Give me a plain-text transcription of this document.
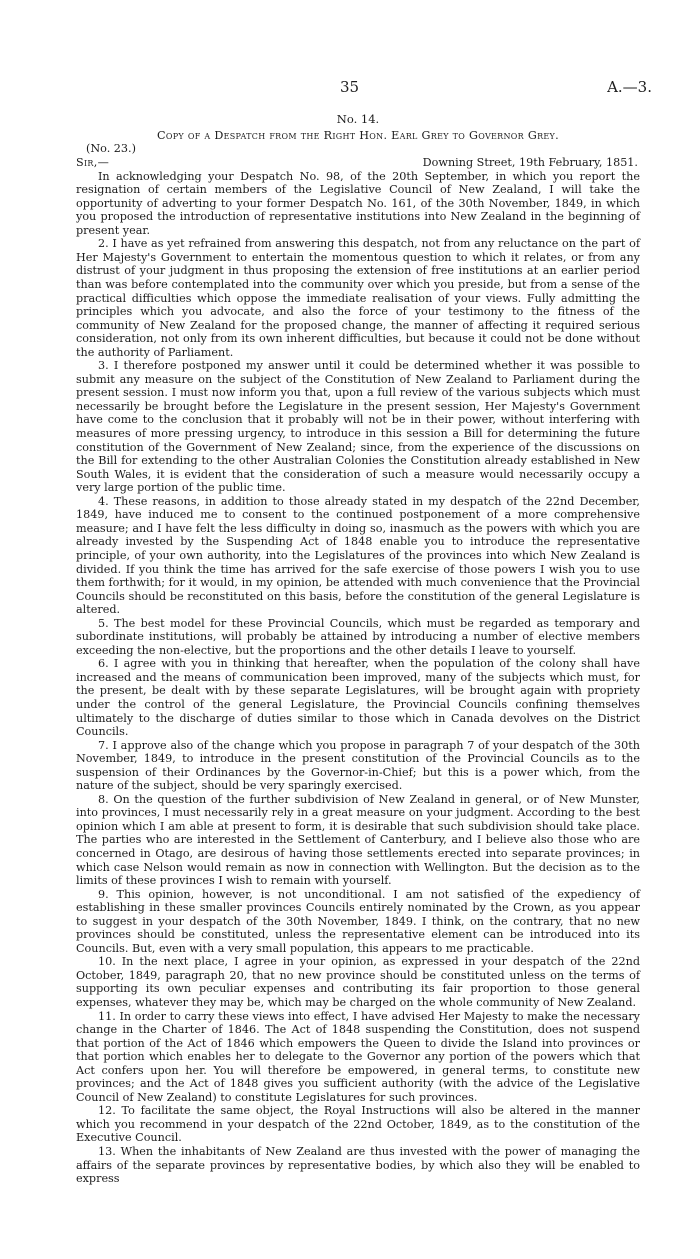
35	A.—3.
No. 14.
Copy of a Despatch from the Right Hon. Earl Grey to Governor Grey.
(No. 23.)
Sir,—	Downing Street, 19th February, 1851.

In acknowledging your Despatch No. 98, of the 20th September, in which you report the resignation of certain members of the Legislative Council of New Zealand, I will take the opportunity of adverting to your former Despatch No. 161, of the 30th November, 1849, in which you proposed the introduction of representative institutions into New Zealand in the beginning of present year.

2. I have as yet refrained from answering this despatch, not from any reluctance on the part of Her Majesty's Government to entertain the momentous question to which it relates, or from any distrust of your judgment in thus proposing the extension of free institutions at an earlier period than was before contemplated into the community over which you preside, but from a sense of the practical difficulties which oppose the immediate realisation of your views. Fully admitting the principles which you advocate, and also the force of your testimony to the fitness of the community of New Zealand for the proposed change, the manner of affecting it required serious consideration, not only from its own inherent difficulties, but because it could not be done without the authority of Parliament.

3. I therefore postponed my answer until it could be determined whether it was possible to submit any measure on the subject of the Constitution of New Zealand to Parliament during the present session. I must now inform you that, upon a full review of the various subjects which must necessarily be brought before the Legislature in the present session, Her Majesty's Government have come to the conclusion that it probably will not be in their power, without interfering with measures of more pressing urgency, to introduce in this session a Bill for determining the future constitution of the Government of New Zealand; since, from the experience of the discussions on the Bill for extending to the other Australian Colonies the Constitution already established in New South Wales, it is evident that the consideration of such a measure would necessarily occupy a very large portion of the public time.

4. These reasons, in addition to those already stated in my despatch of the 22nd December, 1849, have induced me to consent to the continued postponement of a more comprehensive measure; and I have felt the less difficulty in doing so, inasmuch as the powers with which you are already invested by the Suspending Act of 1848 enable you to introduce the representative principle, of your own authority, into the Legislatures of the provinces into which New Zealand is divided. If you think the time has arrived for the safe exercise of those powers I wish you to use them forthwith; for it would, in my opinion, be attended with much convenience that the Provincial Councils should be reconstituted on this basis, before the constitution of the general Legislature is altered.

5. The best model for these Provincial Councils, which must be regarded as temporary and subordinate institutions, will probably be attained by introducing a number of elective members exceeding the non-elective, but the proportions and the other details I leave to yourself.

6. I agree with you in thinking that hereafter, when the population of the colony shall have increased and the means of communication been improved, many of the subjects which must, for the present, be dealt with by these separate Legislatures, will be brought again with propriety under the control of the general Legislature, the Provincial Councils confining themselves ultimately to the discharge of duties similar to those which in Canada devolves on the District Councils.

7. I approve also of the change which you propose in paragraph 7 of your despatch of the 30th November, 1849, to introduce in the present constitution of the Provincial Councils as to the suspension of their Ordinances by the Governor-in-Chief; but this is a power which, from the nature of the subject, should be very sparingly exercised.

8. On the question of the further subdivision of New Zealand in general, or of New Munster, into provinces, I must necessarily rely in a great measure on your judgment. According to the best opinion which I am able at present to form, it is desirable that such subdivision should take place. The parties who are interested in the Settlement of Canterbury, and I believe also those who are concerned in Otago, are desirous of having those settlements erected into separate provinces; in which case Nelson would remain as now in connection with Wellington. But the decision as to the limits of these provinces I wish to remain with yourself.

9. This opinion, however, is not unconditional. I am not satisfied of the expediency of establishing in these smaller provinces Councils entirely nominated by the Crown, as you appear to suggest in your despatch of the 30th November, 1849. I think, on the contrary, that no new provinces should be constituted, unless the representative element can be introduced into its Councils. But, even with a very small population, this appears to me practicable.

10. In the next place, I agree in your opinion, as expressed in your despatch of the 22nd October, 1849, paragraph 20, that no new province should be constituted unless on the terms of supporting its own peculiar expenses and contributing its fair proportion to those general expenses, whatever they may be, which may be charged on the whole community of New Zealand.

11. In order to carry these views into effect, I have advised Her Majesty to make the necessary change in the Charter of 1846. The Act of 1848 suspending the Constitution, does not suspend that portion of the Act of 1846 which empowers the Queen to divide the Island into provinces or that portion which enables her to delegate to the Governor any portion of the powers which that Act confers upon her. You will therefore be empowered, in general terms, to constitute new provinces; and the Act of 1848 gives you sufficient authority (with the advice of the Legislative Council of New Zealand) to constitute Legislatures for such provinces.

12. To facilitate the same object, the Royal Instructions will also be altered in the manner which you recommend in your despatch of the 22nd October, 1849, as to the constitution of the Executive Council.

13. When the inhabitants of New Zealand are thus invested with the power of managing the affairs of the separate provinces by representative bodies, by which also they will be enabled to express
